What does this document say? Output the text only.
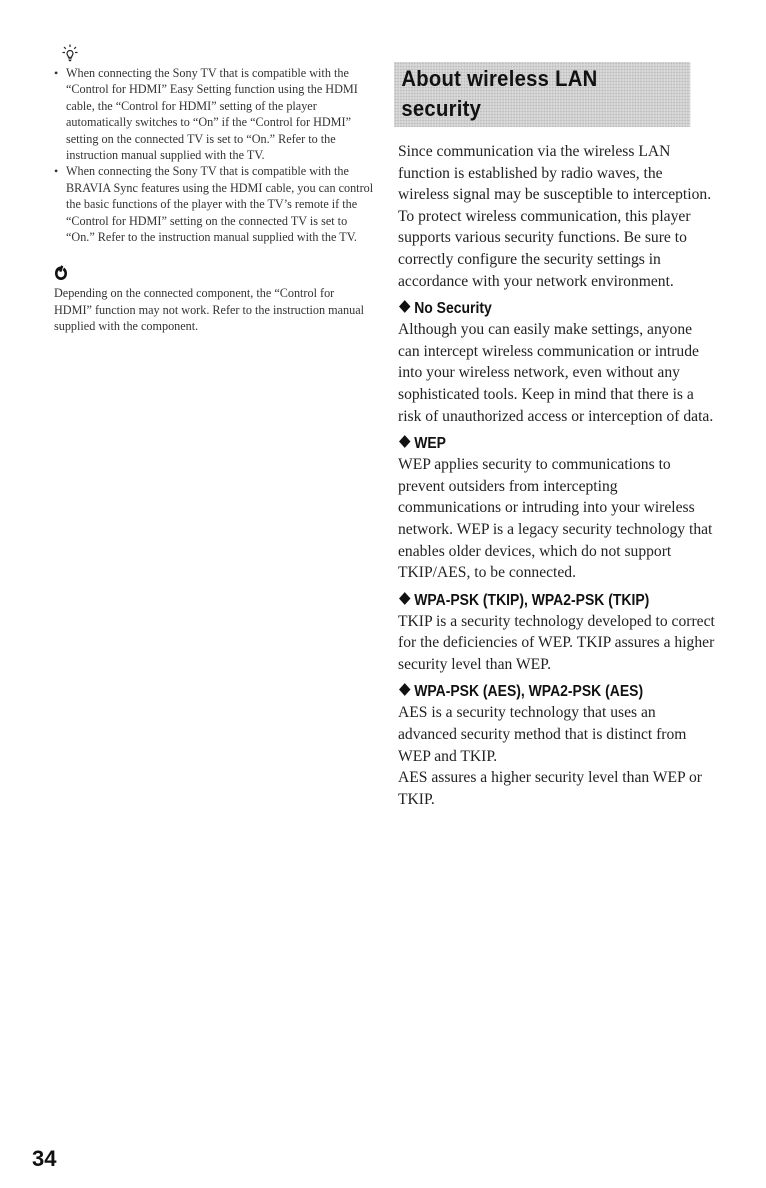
• When connecting the Sony TV that is compatible with the “Control for HDMI” Easy Setting function using the HDMI cable, the “Control for HDMI” setting of the player automatically switches to “On” if the “Control for HDMI” setting on the connected TV is set to “On.” Refer to the instruction manual supplied with the TV.
• When connecting the Sony TV that is compatible with the BRAVIA Sync features using the HDMI cable, you can control the basic functions of the player with the TV’s remote if the “Control for HDMI” setting on the connected TV is set to “On.” Refer to the instruction manual supplied with the TV.

Depending on the connected component, the “Control for HDMI” function may not work. Refer to the instruction manual supplied with the component.

About wireless LAN security

Since communication via the wireless LAN function is established by radio waves, the wireless signal may be susceptible to interception. To protect wireless communication, this player supports various security functions. Be sure to correctly configure the security settings in accordance with your network environment.

No Security

Although you can easily make settings, anyone can intercept wireless communication or intrude into your wireless network, even without any sophisticated tools. Keep in mind that there is a risk of unauthorized access or interception of data.

WEP

WEP applies security to communications to prevent outsiders from intercepting communications or intruding into your wireless network. WEP is a legacy security technology that enables older devices, which do not support TKIP/AES, to be connected.

WPA-PSK (TKIP), WPA2-PSK (TKIP)

TKIP is a security technology developed to correct for the deficiencies of WEP. TKIP assures a higher security level than WEP.

WPA-PSK (AES), WPA2-PSK (AES)

AES is a security technology that uses an advanced security method that is distinct from WEP and TKIP.

AES assures a higher security level than WEP or TKIP.

34
